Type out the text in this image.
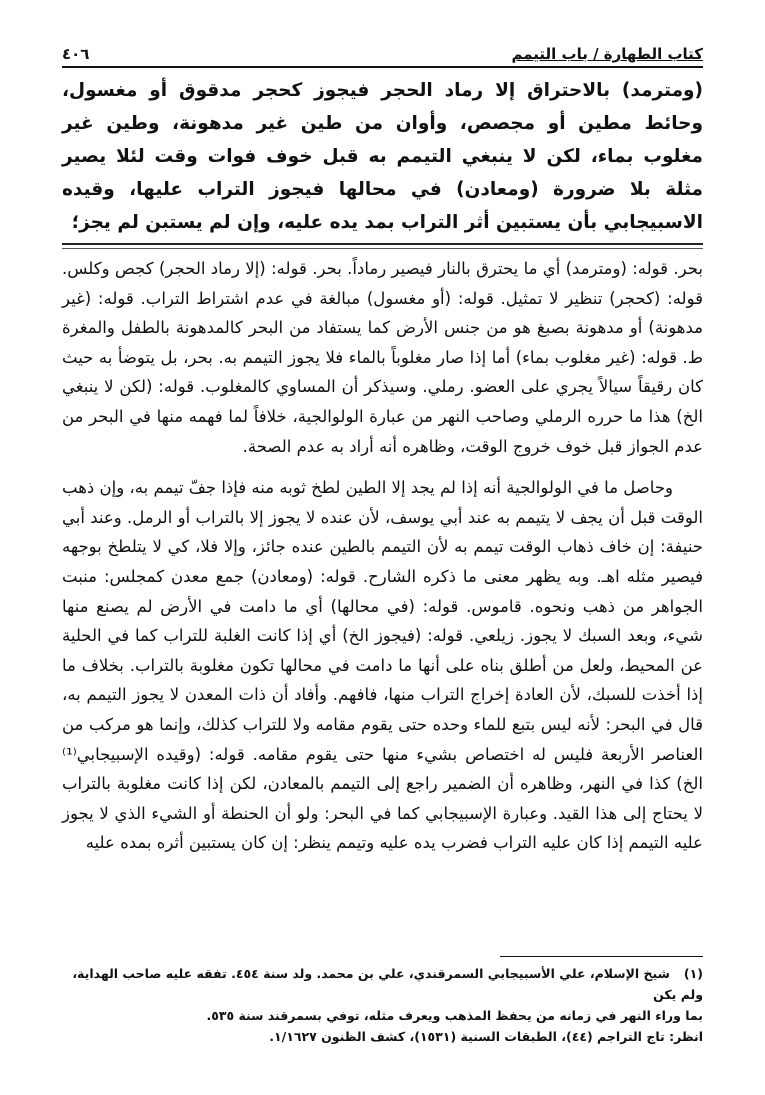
كتاب الطهارة / باب التيمم
٤٠٦

(ومترمد) بالاحتراق إلا رماد الحجر فيجوز كحجر مدقوق أو مغسول، وحائط مطين أو مجصص، وأوان من طين غير مدهونة، وطين غير مغلوب بماء، لكن لا ينبغي التيمم به قبل خوف فوات وقت لئلا يصير مثلة بلا ضرورة (ومعادن) في محالها فيجوز التراب عليها، وقيده الاسبيجابي بأن يستبين أثر التراب بمد يده عليه، وإن لم يستبن لم يجز؛

بحر. قوله: (ومترمد) أي ما يحترق بالنار فيصير رماداً. بحر. قوله: (إلا رماد الحجر) كجص وكلس. قوله: (كحجر) تنظير لا تمثيل. قوله: (أو مغسول) مبالغة في عدم اشتراط التراب. قوله: (غير مدهونة) أو مدهونة بصبغ هو من جنس الأرض كما يستفاد من البحر كالمدهونة بالطفل والمغرة ط. قوله: (غير مغلوب بماء) أما إذا صار مغلوباً بالماء فلا يجوز التيمم به. بحر، بل يتوضأ به حيث كان رقيقاً سيالاً يجري على العضو. رملي. وسيذكر أن المساوي كالمغلوب. قوله: (لكن لا ينبغي الخ) هذا ما حرره الرملي وصاحب النهر من عبارة الولوالجية، خلافاً لما فهمه منها في البحر من عدم الجواز قبل خوف خروج الوقت، وظاهره أنه أراد به عدم الصحة.

وحاصل ما في الولوالجية أنه إذا لم يجد إلا الطين لطخ ثوبه منه فإذا جفّ تيمم به، وإن ذهب الوقت قبل أن يجف لا يتيمم به عند أبي يوسف، لأن عنده لا يجوز إلا بالتراب أو الرمل. وعند أبي حنيفة: إن خاف ذهاب الوقت تيمم به لأن التيمم بالطين عنده جائز، وإلا فلا، كي لا يتلطخ بوجهه فيصير مثله اهـ. وبه يظهر معنى ما ذكره الشارح. قوله: (ومعادن) جمع معدن كمجلس: منبت الجواهر من ذهب ونحوه. قاموس. قوله: (في محالها) أي ما دامت في الأرض لم يصنع منها شيء، وبعد السبك لا يجوز. زيلعي. قوله: (فيجوز الخ) أي إذا كانت الغلبة للتراب كما في الحلية عن المحيط، ولعل من أطلق بناه على أنها ما دامت في محالها تكون مغلوبة بالتراب. بخلاف ما إذا أخذت للسبك، لأن العادة إخراج التراب منها، فافهم. وأفاد أن ذات المعدن لا يجوز التيمم به، قال في البحر: لأنه ليس بتبع للماء وحده حتى يقوم مقامه ولا للتراب كذلك، وإنما هو مركب من العناصر الأربعة فليس له اختصاص بشيء منها حتى يقوم مقامه. قوله: (وقيده الإسبيجابي⁽¹⁾ الخ) كذا في النهر، وظاهره أن الضمير راجع إلى التيمم بالمعادن، لكن إذا كانت مغلوبة بالتراب لا يحتاج إلى هذا القيد. وعبارة الإسبيجابي كما في البحر: ولو أن الحنطة أو الشيء الذي لا يجوز عليه التيمم إذا كان عليه التراب فضرب يده عليه وتيمم ينظر: إن كان يستبين أثره بمده عليه

(١)شيخ الإسلام، علي الأسبيجابي السمرقندي، علي بن محمد. ولد سنة ٤٥٤. تفقه عليه صاحب الهداية، ولم يكن
بما وراء النهر في زمانه من يحفظ المذهب ويعرف مثله، توفي بسمرقند سنة ٥٣٥.
انظر: تاج التراجم (٤٤)، الطبقات السنية (١٥٣١)، كشف الظنون ١/١٦٢٧.
